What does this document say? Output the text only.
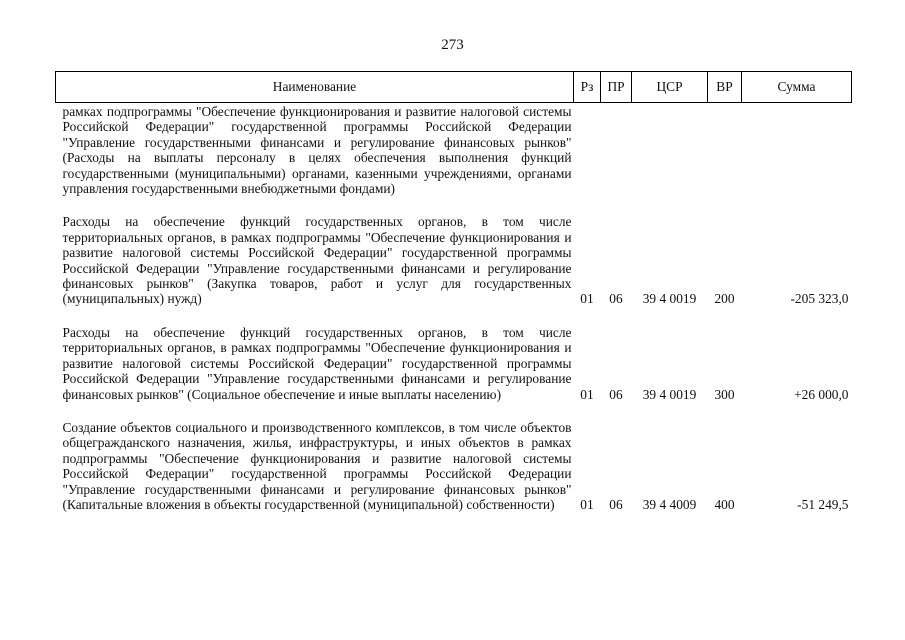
273
Наименование	Рз	ПР	ЦСР	ВР	Сумма
рамках подпрограммы "Обеспечение функционирования и развитие налоговой системы Российской Федерации" государственной программы Российской Федерации "Управление государственными финансами и регулирование финансовых рынков" (Расходы на выплаты персоналу в целях обеспечения выполнения функций государственными (муниципальными) органами, казенными учреждениями, органами управления государственными внебюджетными фондами)					
Расходы на обеспечение функций государственных органов, в том числе территориальных органов, в рамках подпрограммы "Обеспечение функционирования и развитие налоговой системы Российской Федерации" государственной программы Российской Федерации "Управление государственными финансами и регулирование финансовых рынков" (Закупка товаров, работ и услуг для государственных (муниципальных) нужд)	01	06	39 4 0019	200	-205 323,0
Расходы на обеспечение функций государственных органов, в том числе территориальных органов, в рамках подпрограммы "Обеспечение функционирования и развитие налоговой системы Российской Федерации" государственной программы Российской Федерации "Управление государственными финансами и регулирование финансовых рынков" (Социальное обеспечение и иные выплаты населению)	01	06	39 4 0019	300	+26 000,0
Создание объектов социального и производственного комплексов, в том числе объектов общегражданского назначения, жилья, инфраструктуры, и иных объектов в рамках подпрограммы "Обеспечение функционирования и развитие налоговой системы Российской Федерации" государственной программы Российской Федерации "Управление государственными финансами и регулирование финансовых рынков" (Капитальные вложения в объекты государственной (муниципальной) собственности)	01	06	39 4 4009	400	-51 249,5
